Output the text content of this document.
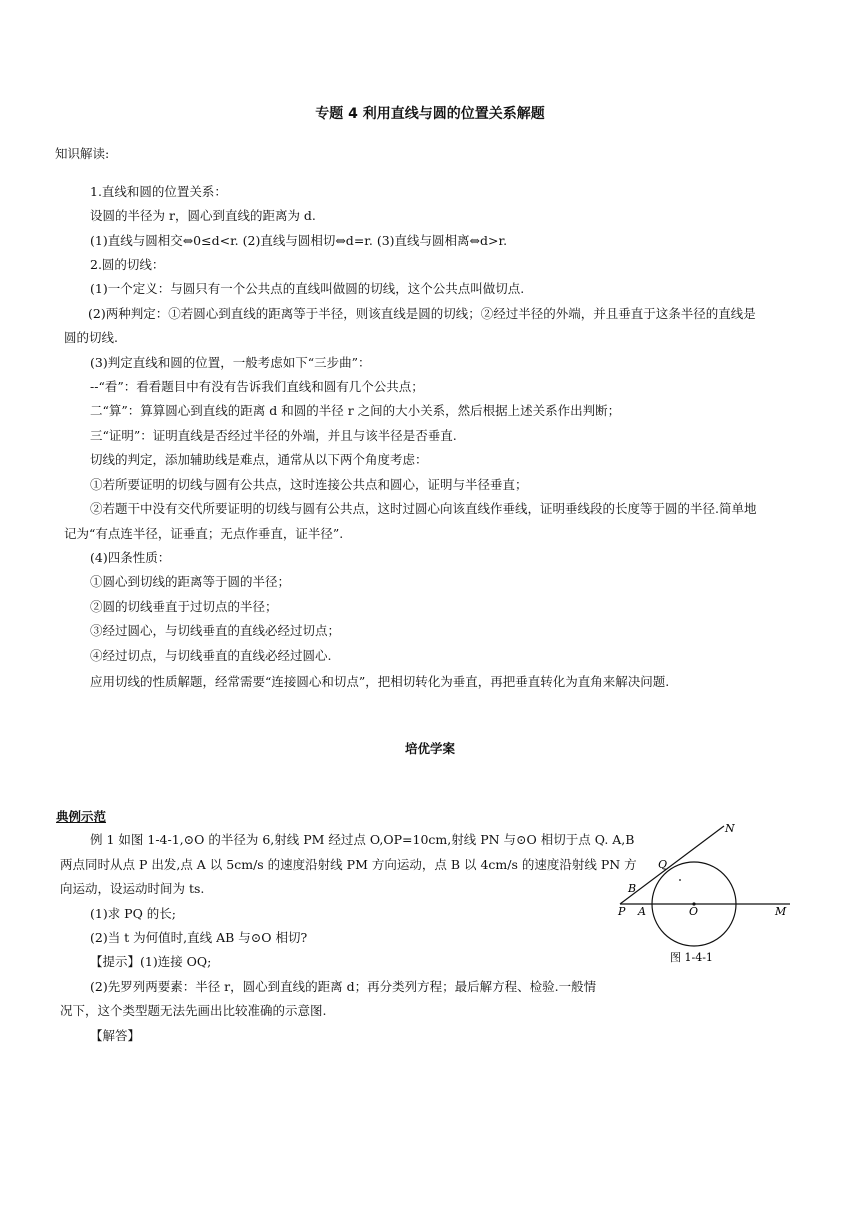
专题 4 利用直线与圆的位置关系解题
知识解读:
1.直线和圆的位置关系：
设圆的半径为 r，圆心到直线的距离为 d.
(1)直线与圆相交⇔0≤d<r. (2)直线与圆相切⇔d=r. (3)直线与圆相离⇔d>r.
2.圆的切线：
(1)一个定义：与圆只有一个公共点的直线叫做圆的切线，这个公共点叫做切点.
(2)两种判定：①若圆心到直线的距离等于半径，则该直线是圆的切线；②经过半径的外端，并且垂直于这条半径的直线是
圆的切线.
(3)判定直线和圆的位置，一般考虑如下“三步曲”：
--“看”：看看题目中有没有告诉我们直线和圆有几个公共点；
二“算”：算算圆心到直线的距离 d 和圆的半径 r 之间的大小关系，然后根据上述关系作出判断；
三“证明”：证明直线是否经过半径的外端，并且与该半径是否垂直.
切线的判定，添加辅助线是难点，通常从以下两个角度考虑：
①若所要证明的切线与圆有公共点，这时连接公共点和圆心，证明与半径垂直；
②若题干中没有交代所要证明的切线与圆有公共点，这时过圆心向该直线作垂线，证明垂线段的长度等于圆的半径.简单地
记为“有点连半径，证垂直；无点作垂直，证半径”.
(4)四条性质：
①圆心到切线的距离等于圆的半径；
②圆的切线垂直于过切点的半径；
③经过圆心，与切线垂直的直线必经过切点；
④经过切点，与切线垂直的直线必经过圆心.
应用切线的性质解题，经常需要“连接圆心和切点”，把相切转化为垂直，再把垂直转化为直角来解决问题.
培优学案
典例示范
例 1 如图 1-4-1,⊙O 的半径为 6,射线 PM 经过点 O,OP=10cm,射线 PN 与⊙O 相切于点 Q. A,B
两点同时从点 P 出发,点 A 以 5cm/s 的速度沿射线 PM 方向运动，点 B 以 4cm/s 的速度沿射线 PN 方
向运动，设运动时间为 ts.
(1)求 PQ 的长;
(2)当 t 为何值时,直线 AB 与⊙O 相切?
【提示】(1)连接 OQ;
(2)先罗列两要素：半径 r，圆心到直线的距离 d；再分类列方程；最后解方程、检验.一般情
况下，这个类型题无法先画出比较准确的示意图.
【解答】
N
Q
B
P A	O	M
图 1-4-1
